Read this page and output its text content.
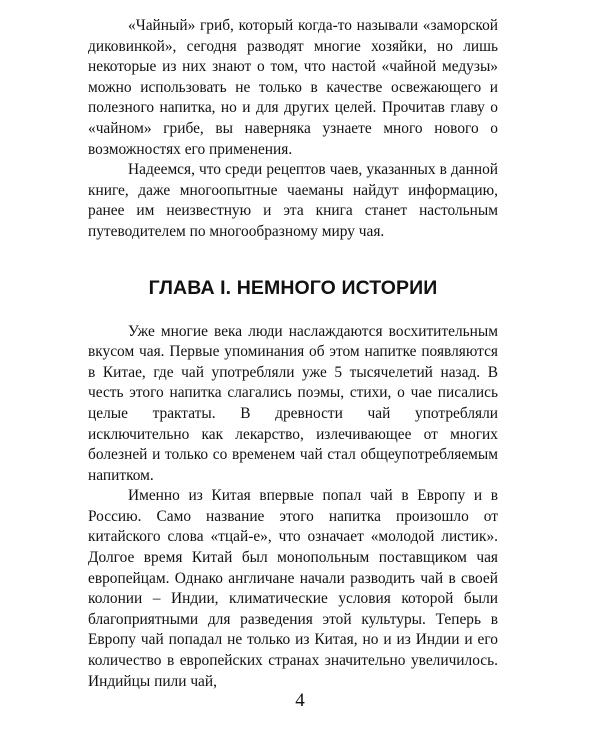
«Чайный» гриб, который когда-то называли «заморской диковинкой», сегодня разводят многие хозяйки, но лишь некоторые из них знают о том, что настой «чайной медузы» можно использовать не только в качестве освежающего и полезного напитка, но и для других целей. Прочитав главу о «чайном» грибе, вы наверняка узнаете много нового о возможностях его применения.

Надеемся, что среди рецептов чаев, указанных в данной книге, даже многоопытные чаеманы найдут информацию, ранее им неизвестную и эта книга станет настольным путеводителем по многообразному миру чая.

ГЛАВА I. НЕМНОГО ИСТОРИИ

Уже многие века люди наслаждаются восхитительным вкусом чая. Первые упоминания об этом напитке появляются в Китае, где чай употребляли уже 5 тысячелетий назад. В честь этого напитка слагались поэмы, стихи, о чае писались целые трактаты. В древности чай употребляли исключительно как лекарство, излечивающее от многих болезней и только со временем чай стал общеупотребляемым напитком.

Именно из Китая впервые попал чай в Европу и в Россию. Само название этого напитка произошло от китайского слова «тцай-е», что означает «молодой листик». Долгое время Китай был монопольным поставщиком чая европейцам. Однако англичане начали разводить чай в своей колонии – Индии, климатические условия которой были благоприятными для разведения этой культуры. Теперь в Европу чай попадал не только из Китая, но и из Индии и его количество в европейских странах значительно увеличилось. Индийцы пили чай,

4
